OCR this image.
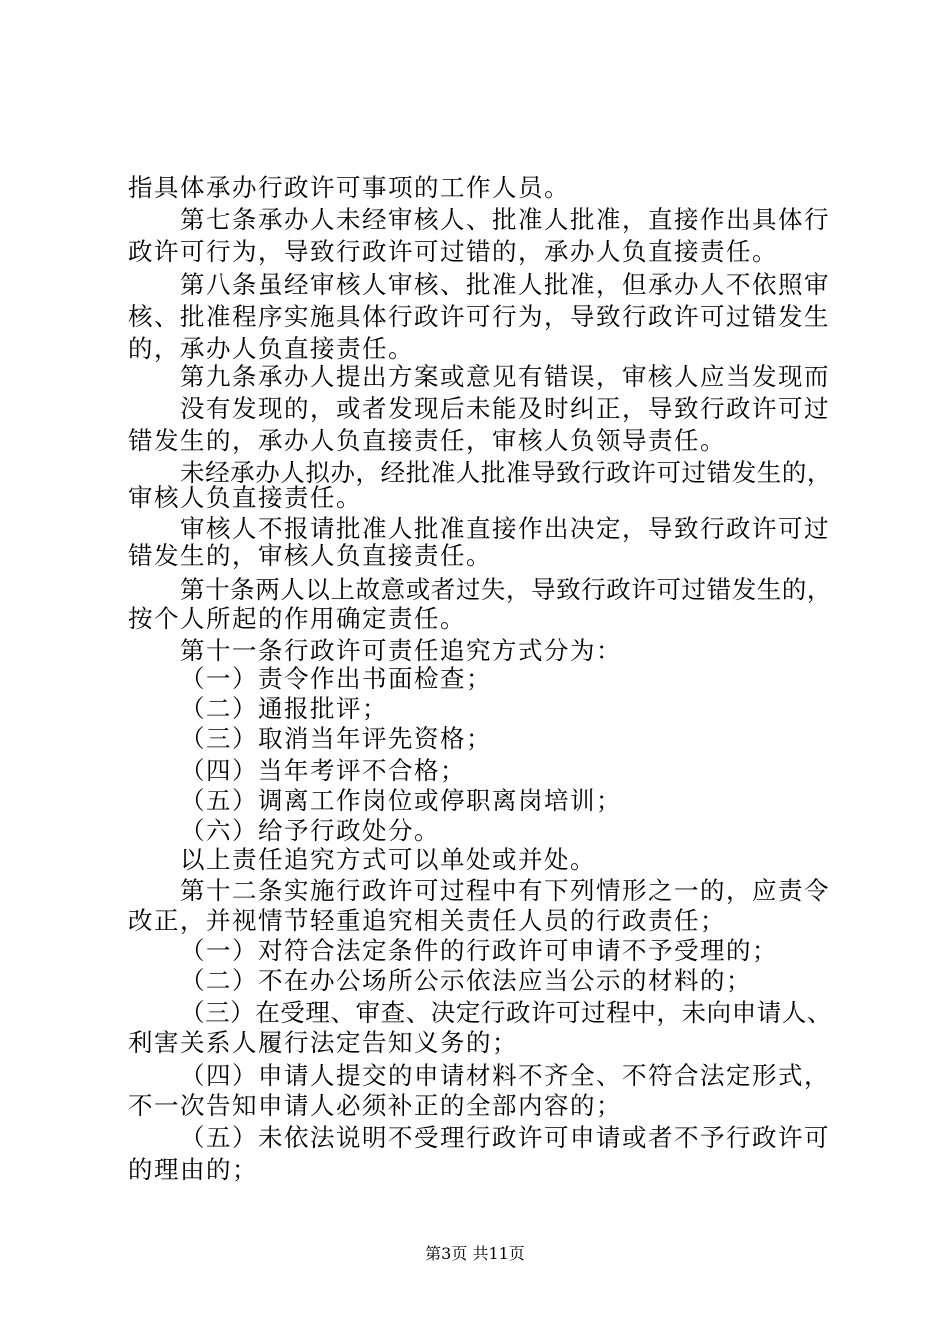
指具体承办行政许可事项的工作人员。
第七条承办人未经审核人、批准人批准，直接作出具体行
政许可行为，导致行政许可过错的，承办人负直接责任。
第八条虽经审核人审核、批准人批准，但承办人不依照审
核、批准程序实施具体行政许可行为，导致行政许可过错发生
的，承办人负直接责任。
第九条承办人提出方案或意见有错误，审核人应当发现而
没有发现的，或者发现后未能及时纠正，导致行政许可过
错发生的，承办人负直接责任，审核人负领导责任。
未经承办人拟办，经批准人批准导致行政许可过错发生的，
审核人负直接责任。
审核人不报请批准人批准直接作出决定，导致行政许可过
错发生的，审核人负直接责任。
第十条两人以上故意或者过失，导致行政许可过错发生的，
按个人所起的作用确定责任。
第十一条行政许可责任追究方式分为：
（一）责令作出书面检查；
（二）通报批评；
（三）取消当年评先资格；
（四）当年考评不合格；
（五）调离工作岗位或停职离岗培训；
（六）给予行政处分。
以上责任追究方式可以单处或并处。
第十二条实施行政许可过程中有下列情形之一的，应责令
改正，并视情节轻重追究相关责任人员的行政责任；
（一）对符合法定条件的行政许可申请不予受理的；
（二）不在办公场所公示依法应当公示的材料的；
（三）在受理、审查、决定行政许可过程中，未向申请人、
利害关系人履行法定告知义务的；
（四）申请人提交的申请材料不齐全、不符合法定形式，
不一次告知申请人必须补正的全部内容的；
（五）未依法说明不受理行政许可申请或者不予行政许可
的理由的；
第3页 共11页
